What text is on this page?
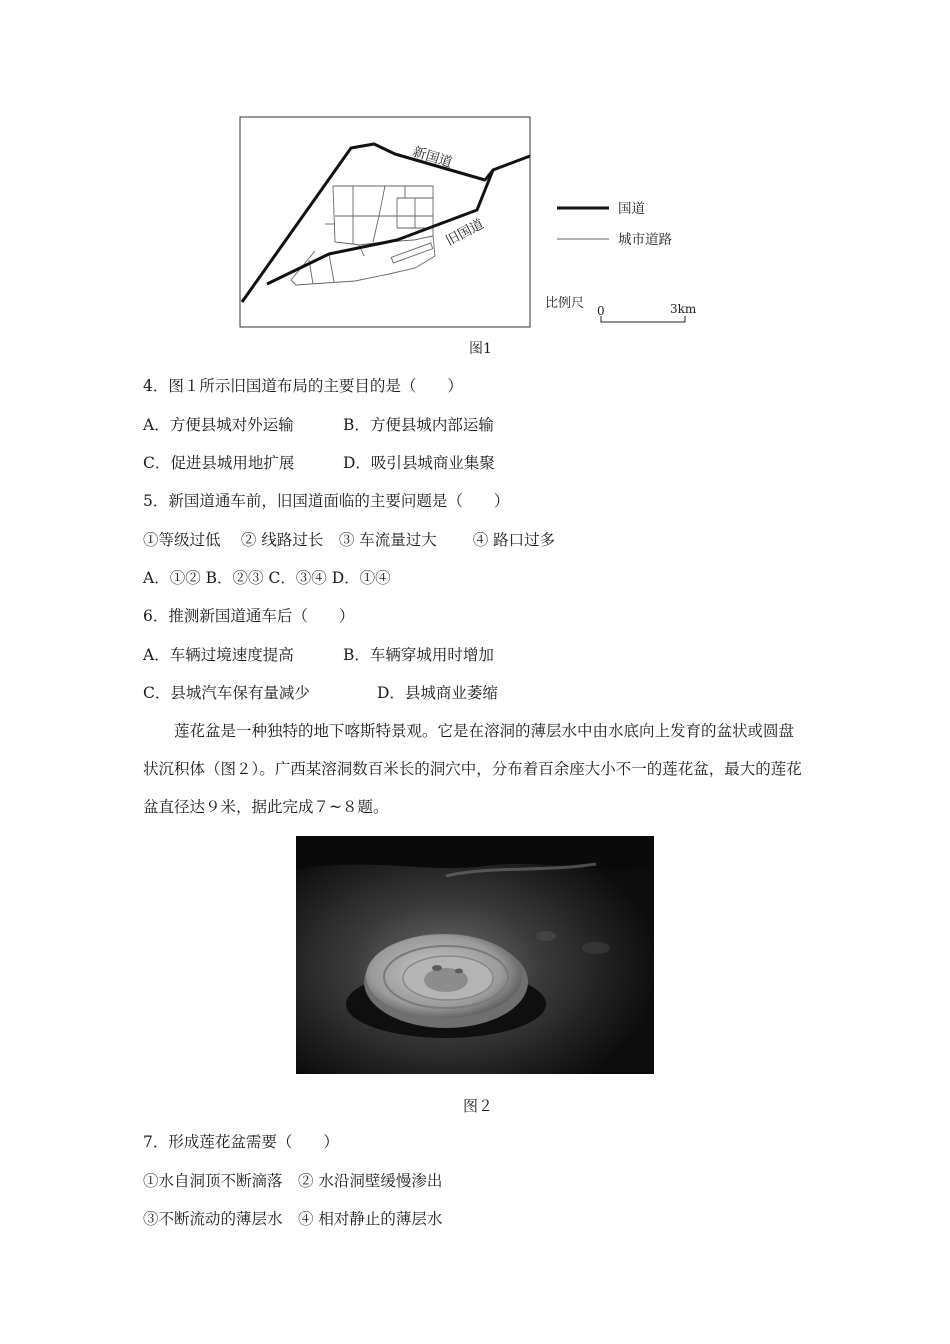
新国道
旧国道
国道
城市道路
比例尺 0	3km
图1
4．图１所示旧国道布局的主要目的是（　　）
A．方便县城对外运输	B．方便县城内部运输
C．促进县城用地扩展	D．吸引县城商业集聚
5．新国道通车前，旧国道面临的主要问题是（　　）
①等级过低　 ② 线路过长　③ 车流量过大　　 ④ 路口过多
A．①② B．②③ C．③④ D．①④
6．推测新国道通车后（　　）
A．车辆过境速度提高	B．车辆穿城用时增加
C．县城汽车保有量减少	D．县城商业萎缩
莲花盆是一种独特的地下喀斯特景观。它是在溶洞的薄层水中由水底向上发育的盆状或圆盘状沉积体（图２）。广西某溶洞数百米长的洞穴中，分布着百余座大小不一的莲花盆，最大的莲花盆直径达９米，据此完成７~８题。
图２
7．形成莲花盆需要（　　）
①水自洞顶不断滴落　② 水沿洞壁缓慢渗出
③不断流动的薄层水　④ 相对静止的薄层水
